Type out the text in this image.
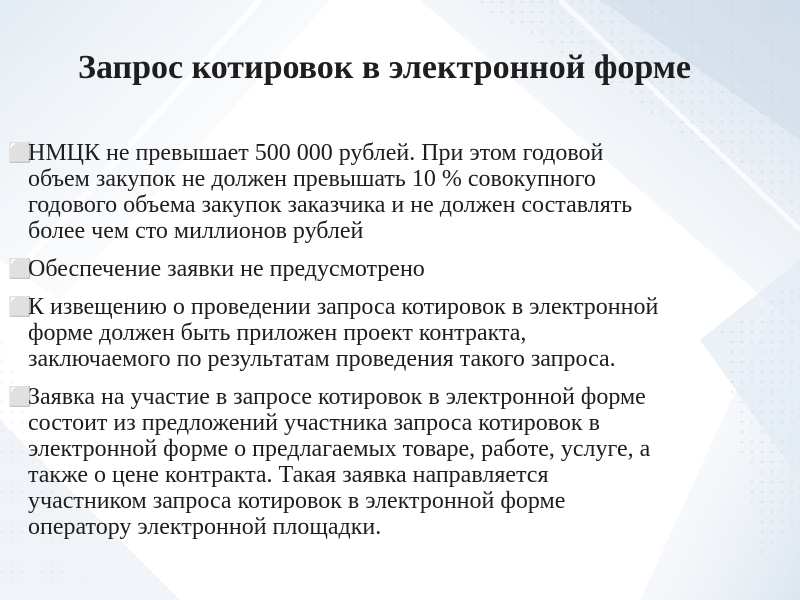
Запрос котировок в электронной форме
⬜
НМЦК не превышает 500 000 рублей. При этом годовой
объем закупок не должен превышать 10 % совокупного
годового объема закупок заказчика и не должен составлять
более чем сто миллионов рублей
⬜
Обеспечение заявки не предусмотрено
⬜
К извещению о проведении запроса котировок в электронной
форме должен быть приложен проект контракта,
заключаемого по результатам проведения такого запроса.
⬜
Заявка на участие в запросе котировок в электронной форме
состоит из предложений участника запроса котировок в
электронной форме о предлагаемых товаре, работе, услуге, а
также о цене контракта. Такая заявка направляется
участником запроса котировок в электронной форме
оператору электронной площадки.
